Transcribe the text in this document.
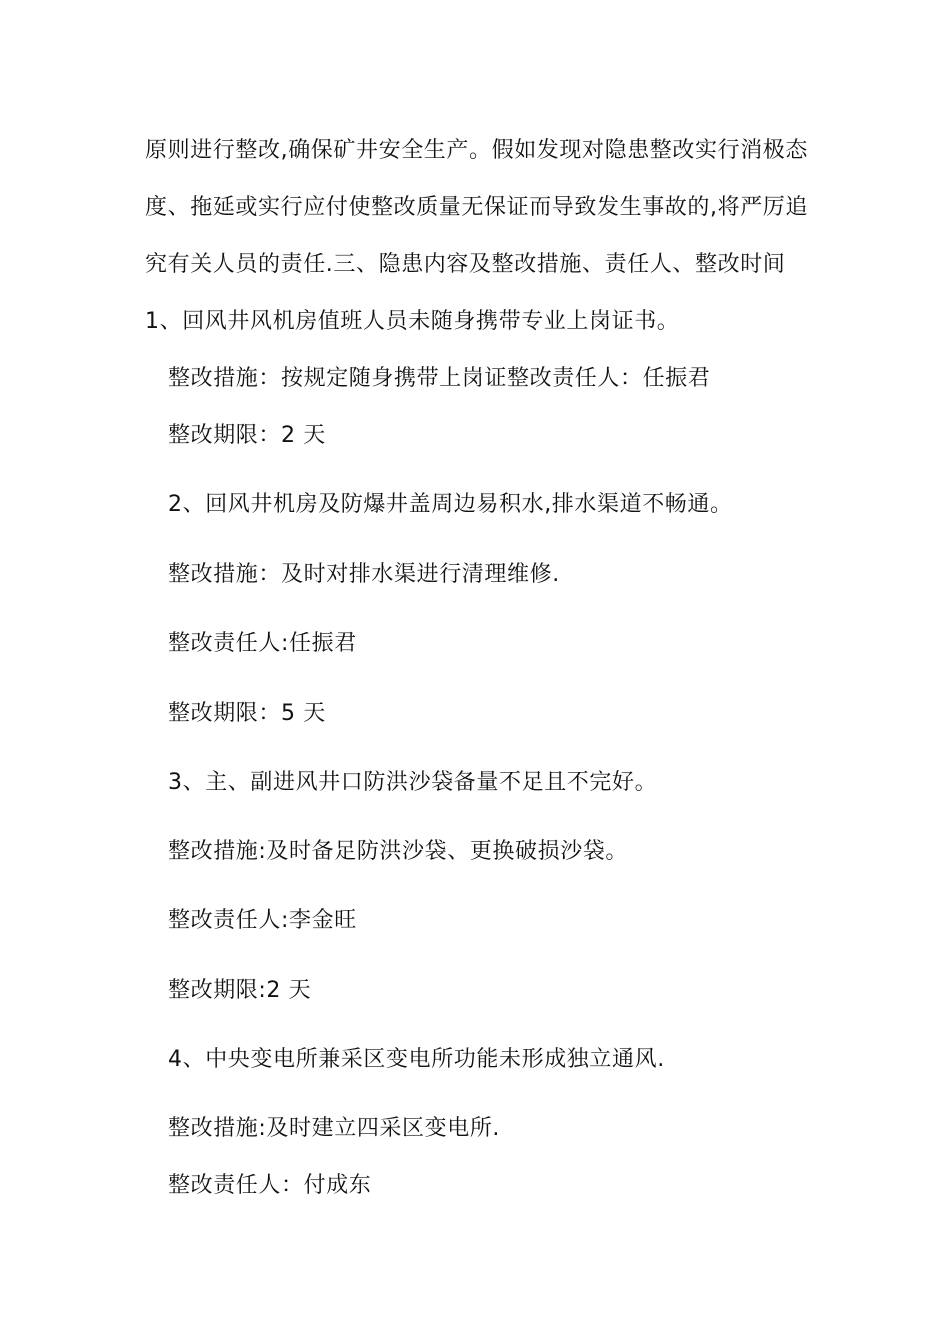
原则进行整改,确保矿井安全生产。假如发现对隐患整改实行消极态
度、拖延或实行应付使整改质量无保证而导致发生事故的,将严厉追
究有关人员的责任.三、隐患内容及整改措施、责任人、整改时间
1、回风井风机房值班人员未随身携带专业上岗证书。
整改措施：按规定随身携带上岗证整改责任人：任振君
整改期限：2 天
2、回风井机房及防爆井盖周边易积水,排水渠道不畅通。
整改措施：及时对排水渠进行清理维修.
整改责任人:任振君
整改期限：5 天
3、主、副进风井口防洪沙袋备量不足且不完好。
整改措施:及时备足防洪沙袋、更换破损沙袋。
整改责任人:李金旺
整改期限:2 天
4、中央变电所兼采区变电所功能未形成独立通风.
整改措施:及时建立四采区变电所.
整改责任人：付成东
